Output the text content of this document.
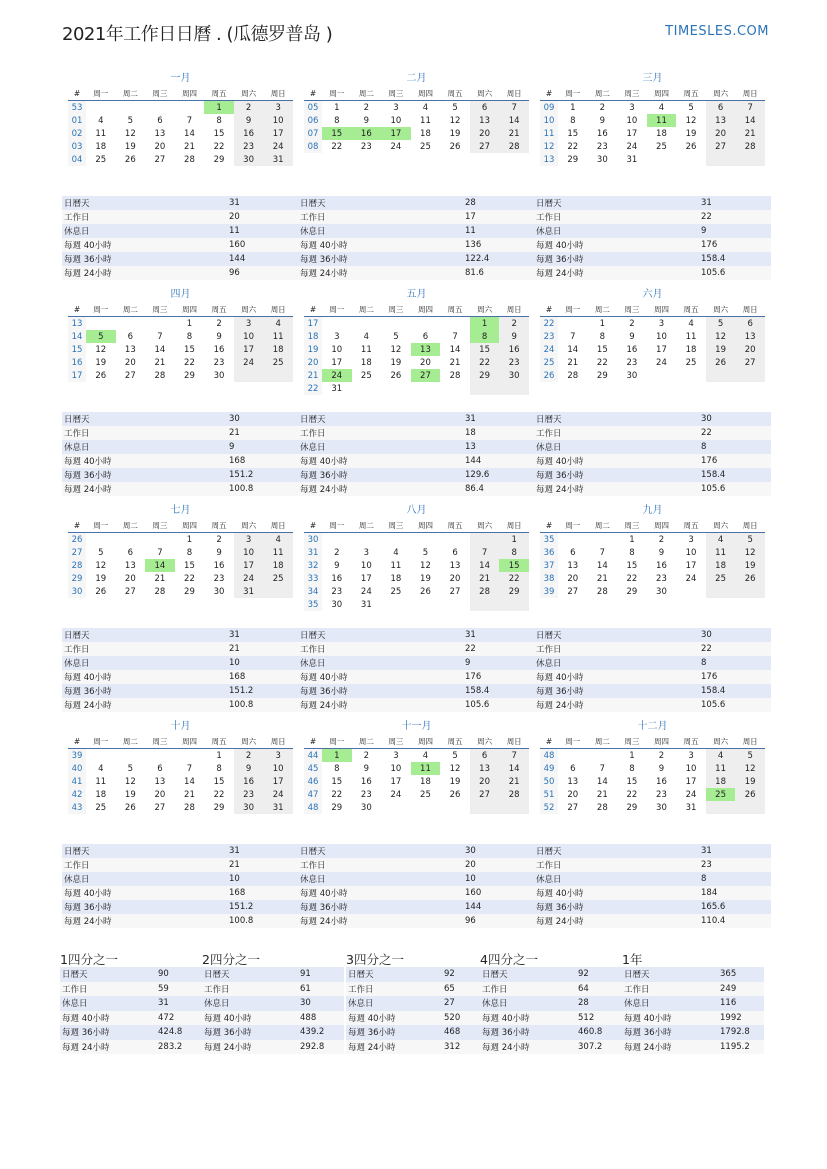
2021年工作日日曆 . (瓜德罗普岛 )	TIMESLES.COM
一月
#	周一	周二	周三	周四	周五	周六	周日
53					1	2	3
01	4	5	6	7	8	9	10
02	11	12	13	14	15	16	17
03	18	19	20	21	22	23	24
04	25	26	27	28	29	30	31
日曆天	31
工作日	20
休息日	11
每週 40小時	160
每週 36小時	144
每週 24小時	96
二月
#	周一	周二	周三	周四	周五	周六	周日
05	1	2	3	4	5	6	7
06	8	9	10	11	12	13	14
07	15	16	17	18	19	20	21
08	22	23	24	25	26	27	28
日曆天	28
工作日	17
休息日	11
每週 40小時	136
每週 36小時	122.4
每週 24小時	81.6
三月
#	周一	周二	周三	周四	周五	周六	周日
09	1	2	3	4	5	6	7
10	8	9	10	11	12	13	14
11	15	16	17	18	19	20	21
12	22	23	24	25	26	27	28
13	29	30	31				
日曆天	31
工作日	22
休息日	9
每週 40小時	176
每週 36小時	158.4
每週 24小時	105.6
四月
#	周一	周二	周三	周四	周五	周六	周日
13				1	2	3	4
14	5	6	7	8	9	10	11
15	12	13	14	15	16	17	18
16	19	20	21	22	23	24	25
17	26	27	28	29	30		
日曆天	30
工作日	21
休息日	9
每週 40小時	168
每週 36小時	151.2
每週 24小時	100.8
五月
#	周一	周二	周三	周四	周五	周六	周日
17						1	2
18	3	4	5	6	7	8	9
19	10	11	12	13	14	15	16
20	17	18	19	20	21	22	23
21	24	25	26	27	28	29	30
22	31						
日曆天	31
工作日	18
休息日	13
每週 40小時	144
每週 36小時	129.6
每週 24小時	86.4
六月
#	周一	周二	周三	周四	周五	周六	周日
22		1	2	3	4	5	6
23	7	8	9	10	11	12	13
24	14	15	16	17	18	19	20
25	21	22	23	24	25	26	27
26	28	29	30				
日曆天	30
工作日	22
休息日	8
每週 40小時	176
每週 36小時	158.4
每週 24小時	105.6
七月
#	周一	周二	周三	周四	周五	周六	周日
26				1	2	3	4
27	5	6	7	8	9	10	11
28	12	13	14	15	16	17	18
29	19	20	21	22	23	24	25
30	26	27	28	29	30	31	
日曆天	31
工作日	21
休息日	10
每週 40小時	168
每週 36小時	151.2
每週 24小時	100.8
八月
#	周一	周二	周三	周四	周五	周六	周日
30							1
31	2	3	4	5	6	7	8
32	9	10	11	12	13	14	15
33	16	17	18	19	20	21	22
34	23	24	25	26	27	28	29
35	30	31					
日曆天	31
工作日	22
休息日	9
每週 40小時	176
每週 36小時	158.4
每週 24小時	105.6
九月
#	周一	周二	周三	周四	周五	周六	周日
35			1	2	3	4	5
36	6	7	8	9	10	11	12
37	13	14	15	16	17	18	19
38	20	21	22	23	24	25	26
39	27	28	29	30			
日曆天	30
工作日	22
休息日	8
每週 40小時	176
每週 36小時	158.4
每週 24小時	105.6
十月
#	周一	周二	周三	周四	周五	周六	周日
39					1	2	3
40	4	5	6	7	8	9	10
41	11	12	13	14	15	16	17
42	18	19	20	21	22	23	24
43	25	26	27	28	29	30	31
日曆天	31
工作日	21
休息日	10
每週 40小時	168
每週 36小時	151.2
每週 24小時	100.8
十一月
#	周一	周二	周三	周四	周五	周六	周日
44	1	2	3	4	5	6	7
45	8	9	10	11	12	13	14
46	15	16	17	18	19	20	21
47	22	23	24	25	26	27	28
48	29	30					
日曆天	30
工作日	20
休息日	10
每週 40小時	160
每週 36小時	144
每週 24小時	96
十二月
#	周一	周二	周三	周四	周五	周六	周日
48			1	2	3	4	5
49	6	7	8	9	10	11	12
50	13	14	15	16	17	18	19
51	20	21	22	23	24	25	26
52	27	28	29	30	31		
日曆天	31
工作日	23
休息日	8
每週 40小時	184
每週 36小時	165.6
每週 24小時	110.4
1四分之一
日曆天	90
工作日	59
休息日	31
每週 40小時	472
每週 36小時	424.8
每週 24小時	283.2
2四分之一
日曆天	91
工作日	61
休息日	30
每週 40小時	488
每週 36小時	439.2
每週 24小時	292.8
3四分之一
日曆天	92
工作日	65
休息日	27
每週 40小時	520
每週 36小時	468
每週 24小時	312
4四分之一
日曆天	92
工作日	64
休息日	28
每週 40小時	512
每週 36小時	460.8
每週 24小時	307.2
1年
日曆天	365
工作日	249
休息日	116
每週 40小時	1992
每週 36小時	1792.8
每週 24小時	1195.2
